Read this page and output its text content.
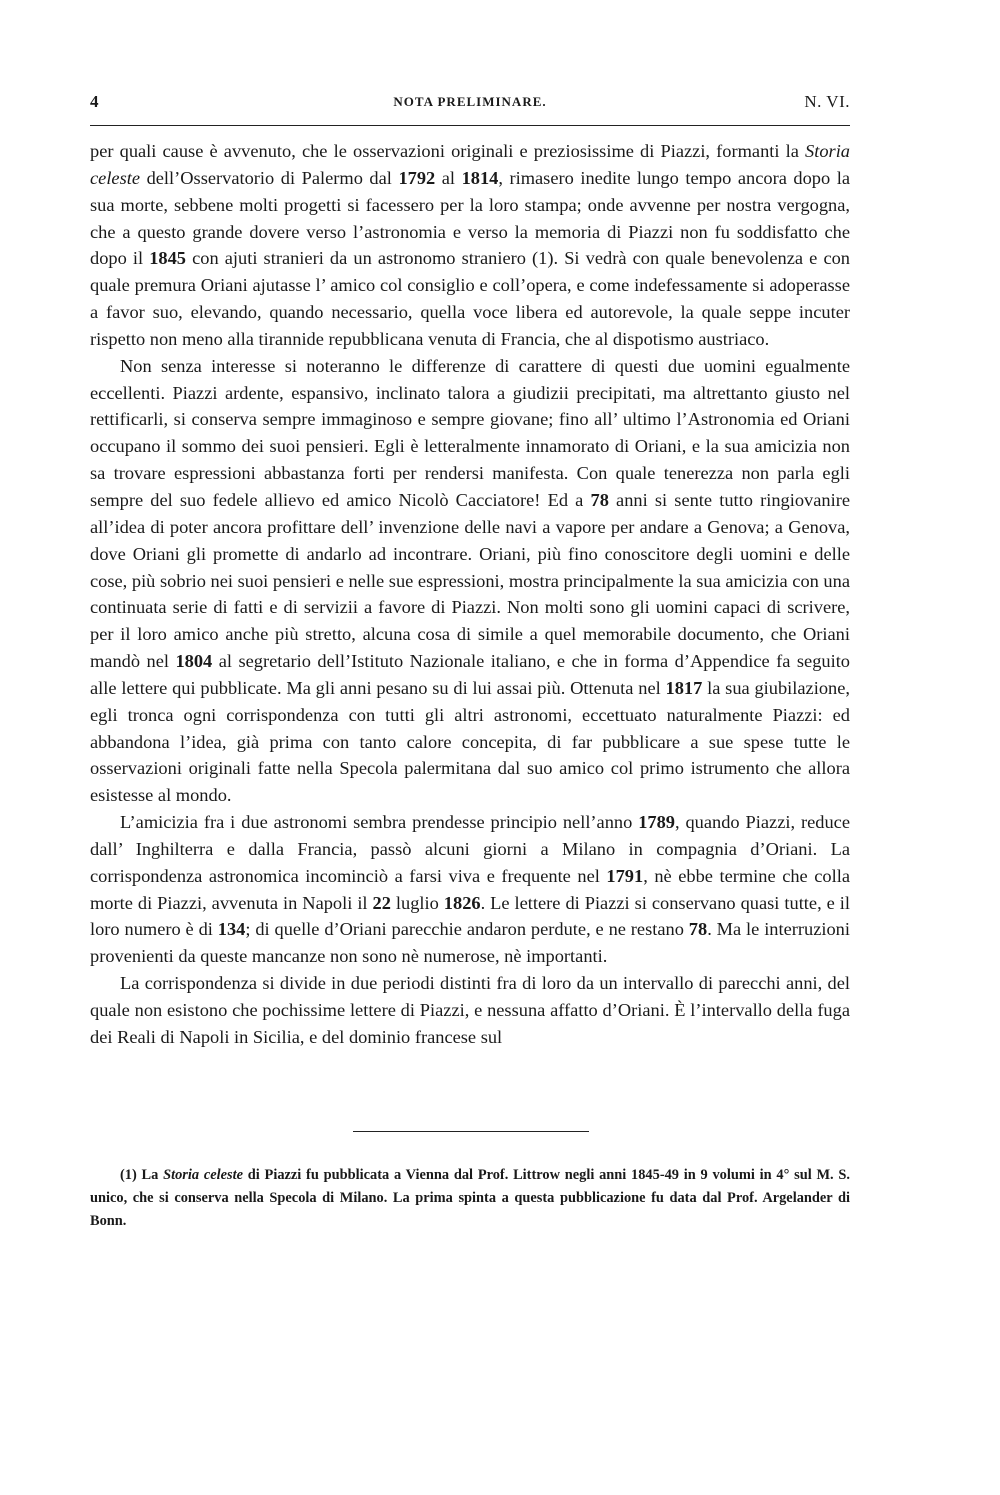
4	NOTA PRELIMINARE.	N. VI.

per quali cause è avvenuto, che le osservazioni originali e preziosissime di Piazzi, formanti la Storia celeste dell’Osservatorio di Palermo dal 1792 al 1814, rimasero inedite lungo tempo ancora dopo la sua morte, sebbene molti progetti si facessero per la loro stampa; onde avvenne per nostra vergogna, che a questo grande dovere verso l’astronomia e verso la memoria di Piazzi non fu soddisfatto che dopo il 1845 con ajuti stranieri da un astronomo straniero (1). Si vedrà con quale benevolenza e con quale premura Oriani ajutasse l’ amico col consiglio e coll’opera, e come indefessamente si adoperasse a favor suo, elevando, quando necessario, quella voce libera ed autorevole, la quale seppe incuter rispetto non meno alla tirannide repubblicana venuta di Francia, che al dispotismo austriaco.

Non senza interesse si noteranno le differenze di carattere di questi due uomini egualmente eccellenti. Piazzi ardente, espansivo, inclinato talora a giudizii precipitati, ma altrettanto giusto nel rettificarli, si conserva sempre immaginoso e sempre giovane; fino all’ ultimo l’Astronomia ed Oriani occupano il sommo dei suoi pensieri. Egli è letteralmente innamorato di Oriani, e la sua amicizia non sa trovare espressioni abbastanza forti per rendersi manifesta. Con quale tenerezza non parla egli sempre del suo fedele allievo ed amico Nicolò Cacciatore! Ed a 78 anni si sente tutto ringiovanire all’idea di poter ancora profittare dell’ invenzione delle navi a vapore per andare a Genova; a Genova, dove Oriani gli promette di andarlo ad incontrare. Oriani, più fino conoscitore degli uomini e delle cose, più sobrio nei suoi pensieri e nelle sue espressioni, mostra principalmente la sua amicizia con una continuata serie di fatti e di servizii a favore di Piazzi. Non molti sono gli uomini capaci di scrivere, per il loro amico anche più stretto, alcuna cosa di simile a quel memorabile documento, che Oriani mandò nel 1804 al segretario dell’Istituto Nazionale italiano, e che in forma d’Appendice fa seguito alle lettere qui pubblicate. Ma gli anni pesano su di lui assai più. Ottenuta nel 1817 la sua giubilazione, egli tronca ogni corrispondenza con tutti gli altri astronomi, eccettuato naturalmente Piazzi: ed abbandona l’idea, già prima con tanto calore concepita, di far pubblicare a sue spese tutte le osservazioni originali fatte nella Specola palermitana dal suo amico col primo istrumento che allora esistesse al mondo.

L’amicizia fra i due astronomi sembra prendesse principio nell’anno 1789, quando Piazzi, reduce dall’ Inghilterra e dalla Francia, passò alcuni giorni a Milano in compagnia d’Oriani. La corrispondenza astronomica incominciò a farsi viva e frequente nel 1791, nè ebbe termine che colla morte di Piazzi, avvenuta in Napoli il 22 luglio 1826. Le lettere di Piazzi si conservano quasi tutte, e il loro numero è di 134; di quelle d’Oriani parecchie andaron perdute, e ne restano 78. Ma le interruzioni provenienti da queste mancanze non sono nè numerose, nè importanti.

La corrispondenza si divide in due periodi distinti fra di loro da un intervallo di parecchi anni, del quale non esistono che pochissime lettere di Piazzi, e nessuna affatto d’Oriani. È l’intervallo della fuga dei Reali di Napoli in Sicilia, e del dominio francese sul

(1) La Storia celeste di Piazzi fu pubblicata a Vienna dal Prof. Littrow negli anni 1845-49 in 9 volumi in 4° sul M. S. unico, che si conserva nella Specola di Milano. La prima spinta a questa pubblicazione fu data dal Prof. Argelander di Bonn.
